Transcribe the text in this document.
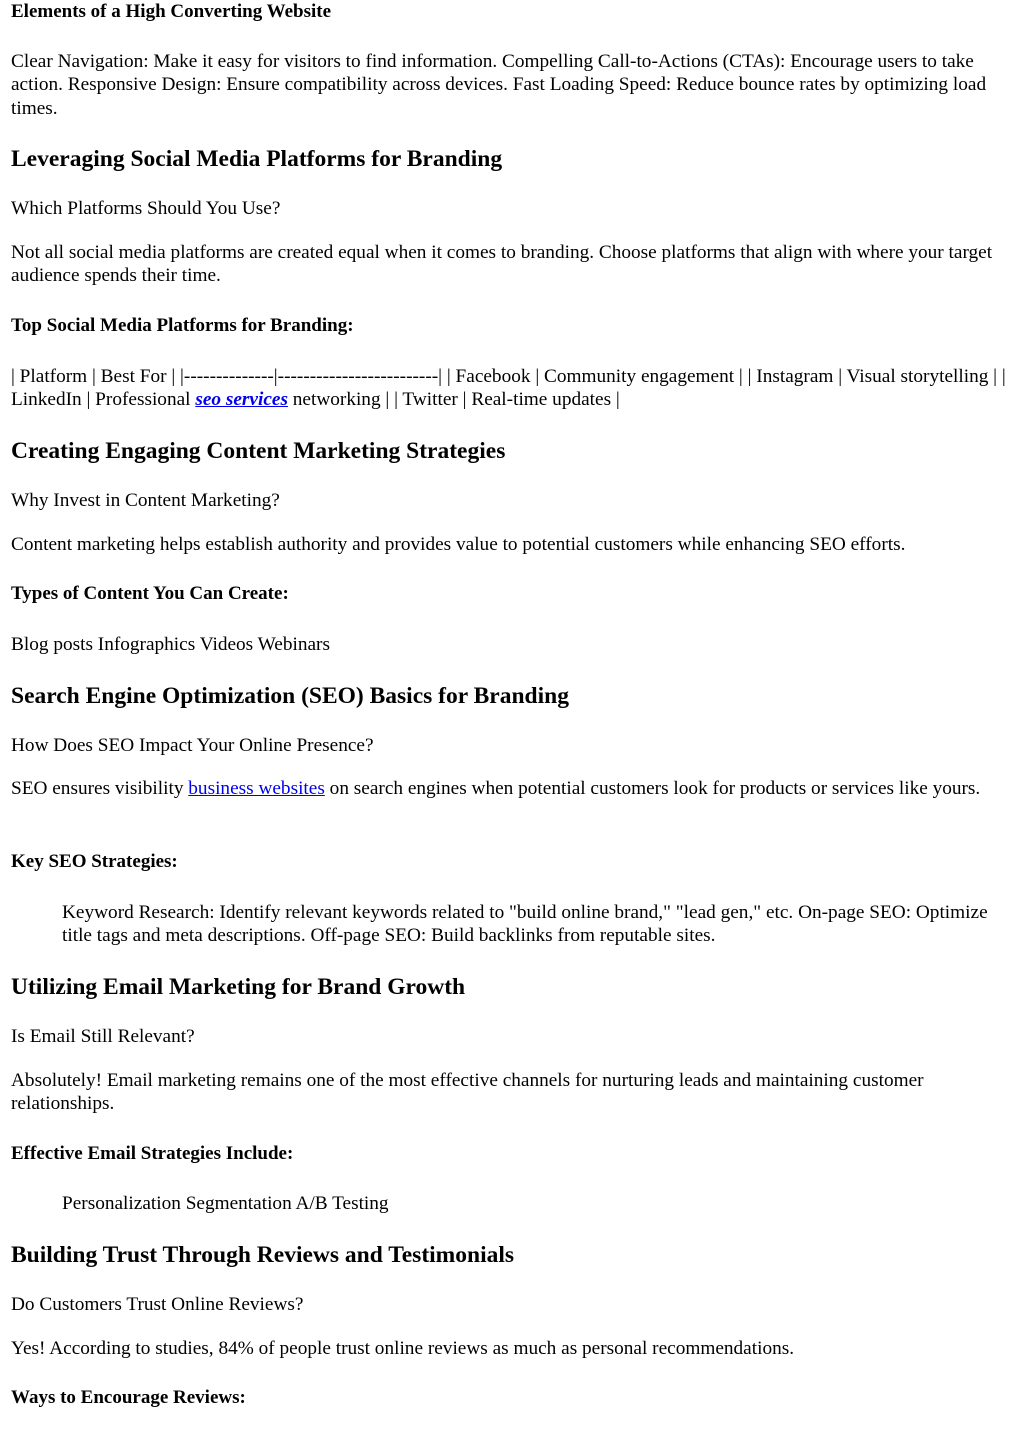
Elements of a High Converting Website

Clear Navigation: Make it easy for visitors to find information. Compelling Call-to-Actions (CTAs): Encourage users to take action. Responsive Design: Ensure compatibility across devices. Fast Loading Speed: Reduce bounce rates by optimizing load times.

Leveraging Social Media Platforms for Branding

Which Platforms Should You Use?

Not all social media platforms are created equal when it comes to branding. Choose platforms that align with where your target audience spends their time.

Top Social Media Platforms for Branding:

| Platform | Best For | |--------------|-------------------------| | Facebook | Community engagement | | Instagram | Visual storytelling | | LinkedIn | Professional seo services networking | | Twitter | Real-time updates |

Creating Engaging Content Marketing Strategies

Why Invest in Content Marketing?

Content marketing helps establish authority and provides value to potential customers while enhancing SEO efforts.

Types of Content You Can Create:

Blog posts Infographics Videos Webinars

Search Engine Optimization (SEO) Basics for Branding

How Does SEO Impact Your Online Presence?

SEO ensures visibility business websites on search engines when potential customers look for products or services like yours.

Key SEO Strategies:
Keyword Research: Identify relevant keywords related to "build online brand," "lead gen," etc. On-page SEO: Optimize title tags and meta descriptions. Off-page SEO: Build backlinks from reputable sites.
Utilizing Email Marketing for Brand Growth

Is Email Still Relevant?

Absolutely! Email marketing remains one of the most effective channels for nurturing leads and maintaining customer relationships.

Effective Email Strategies Include:
Personalization Segmentation A/B Testing
Building Trust Through Reviews and Testimonials

Do Customers Trust Online Reviews?

Yes! According to studies, 84% of people trust online reviews as much as personal recommendations.

Ways to Encourage Reviews:
